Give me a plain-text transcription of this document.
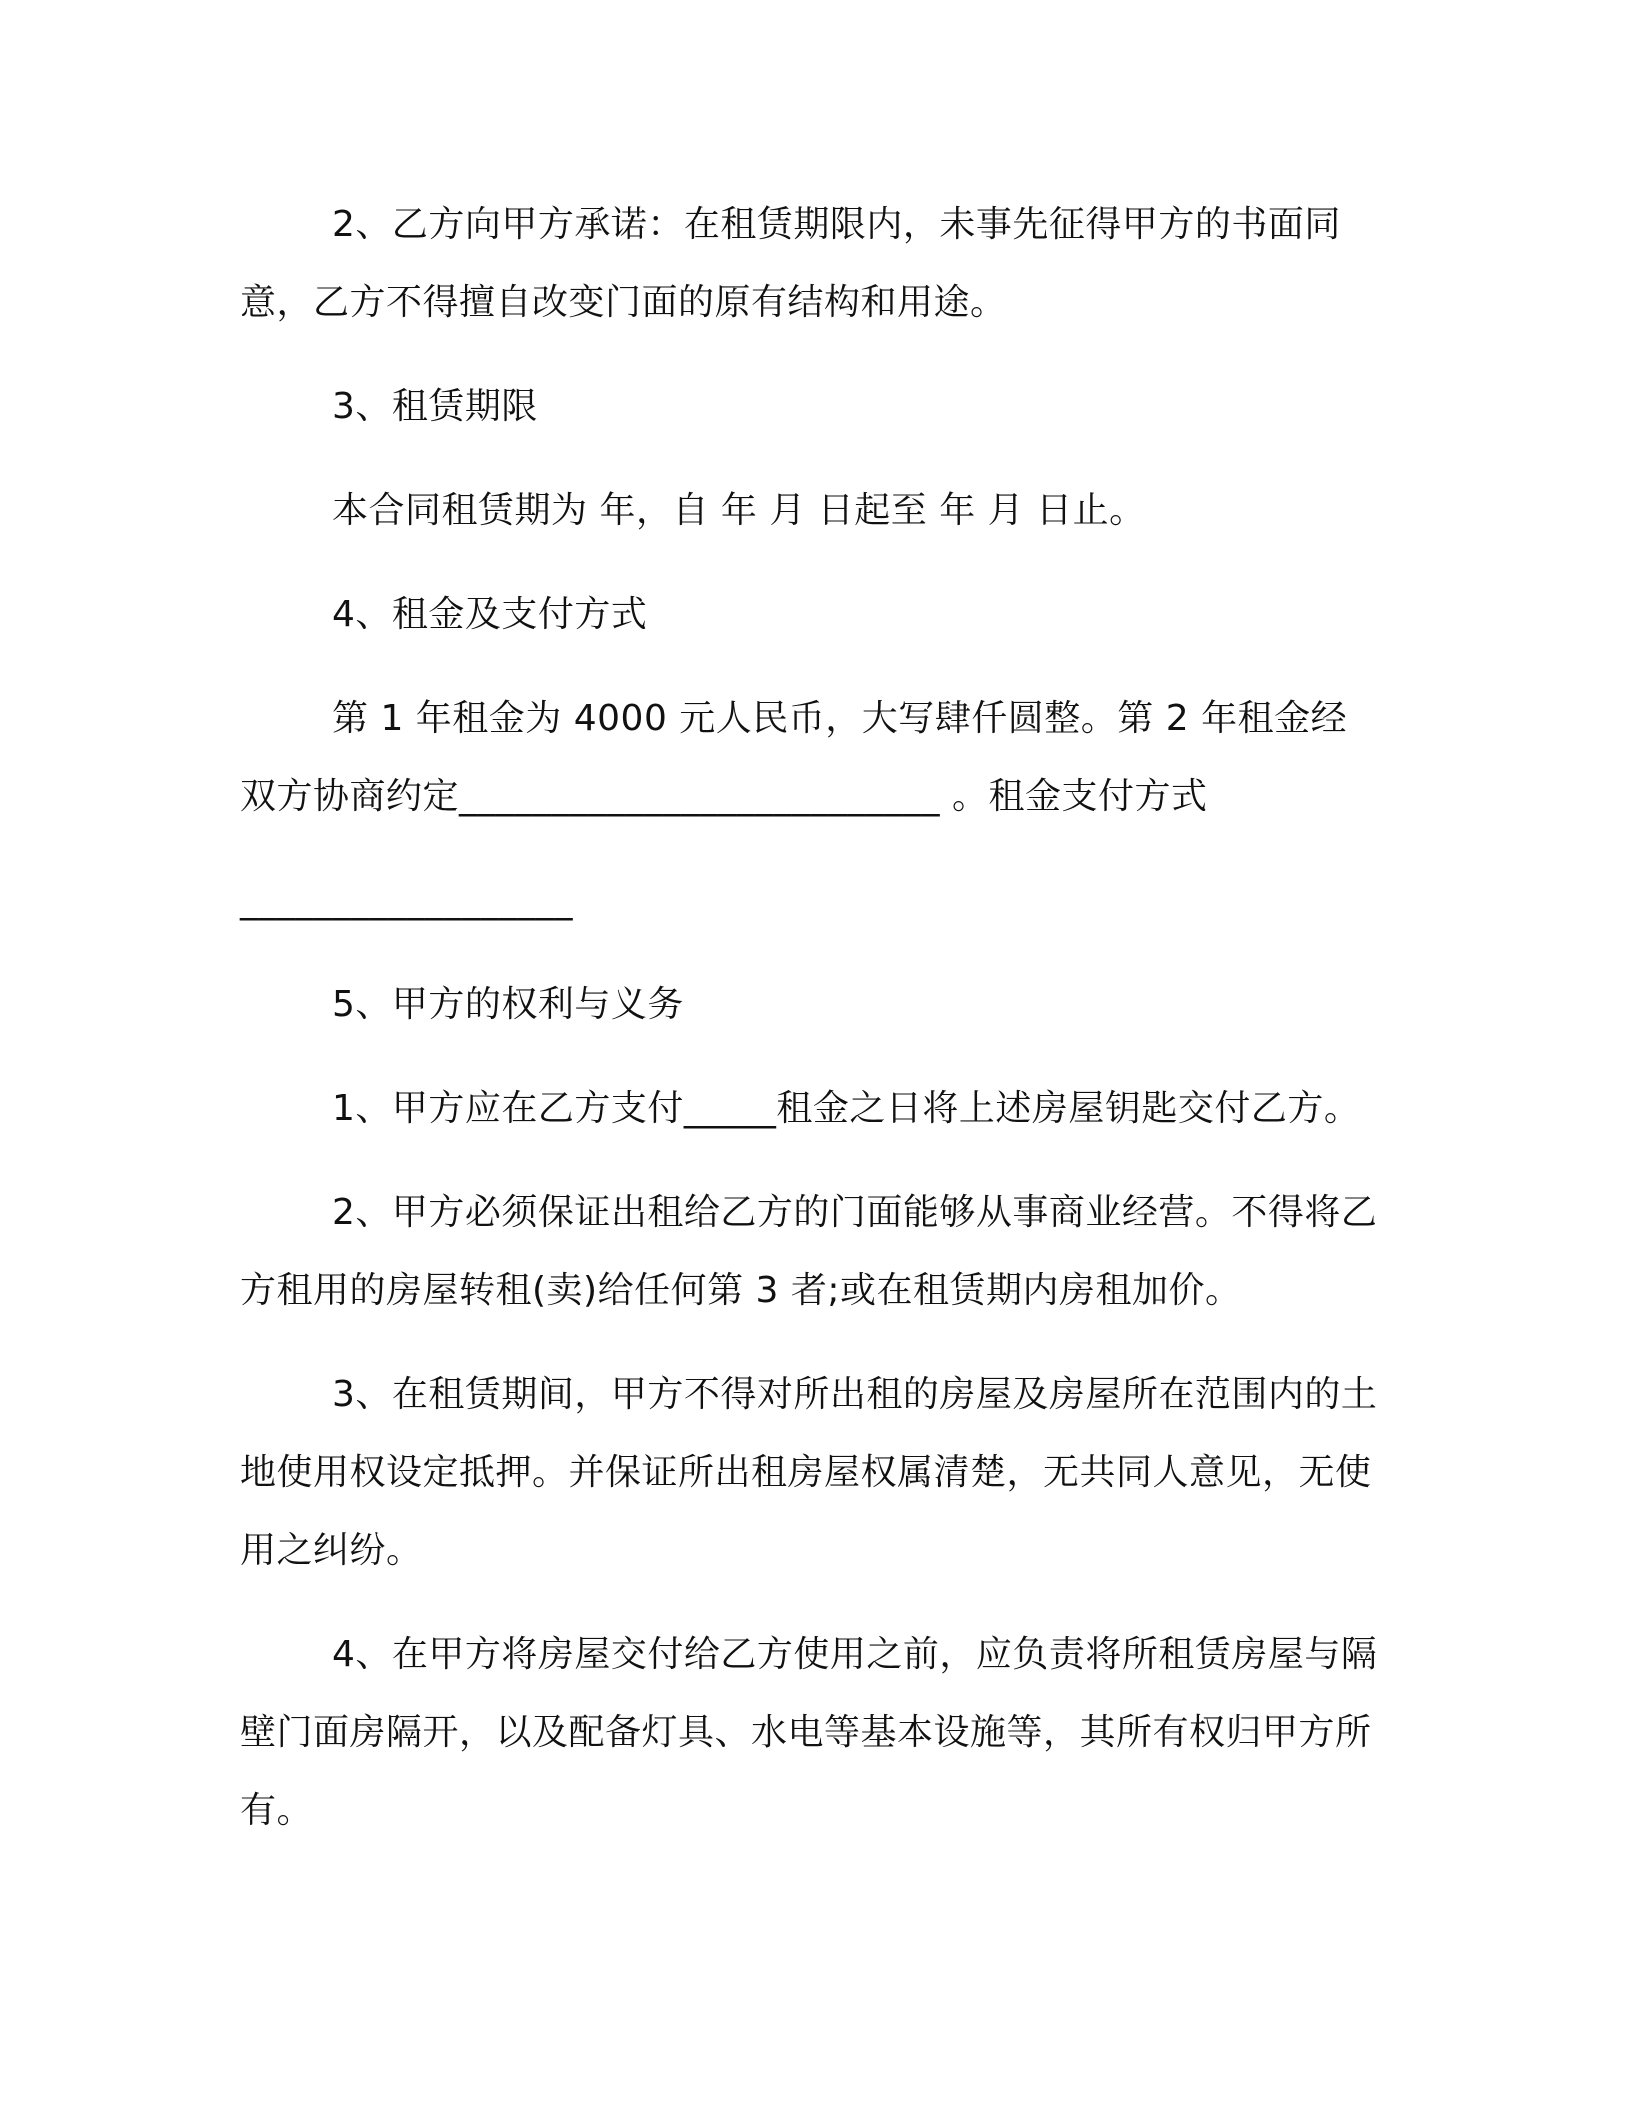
2、乙方向甲方承诺：在租赁期限内，未事先征得甲方的书面同意，乙方不得擅自改变门面的原有结构和用途。

3、租赁期限

本合同租赁期为 年，自 年 月 日起至 年 月 日止。

4、租金及支付方式

第 1 年租金为 4000 元人民币，大写肆仟圆整。第 2 年租金经双方协商约定__________________________ 。租金支付方式

__________________

5、甲方的权利与义务

1、甲方应在乙方支付_____租金之日将上述房屋钥匙交付乙方。

2、甲方必须保证出租给乙方的门面能够从事商业经营。不得将乙方租用的房屋转租(卖)给任何第 3 者;或在租赁期内房租加价。

3、在租赁期间，甲方不得对所出租的房屋及房屋所在范围内的土地使用权设定抵押。并保证所出租房屋权属清楚，无共同人意见，无使用之纠纷。

4、在甲方将房屋交付给乙方使用之前，应负责将所租赁房屋与隔壁门面房隔开，以及配备灯具、水电等基本设施等，其所有权归甲方所有。
